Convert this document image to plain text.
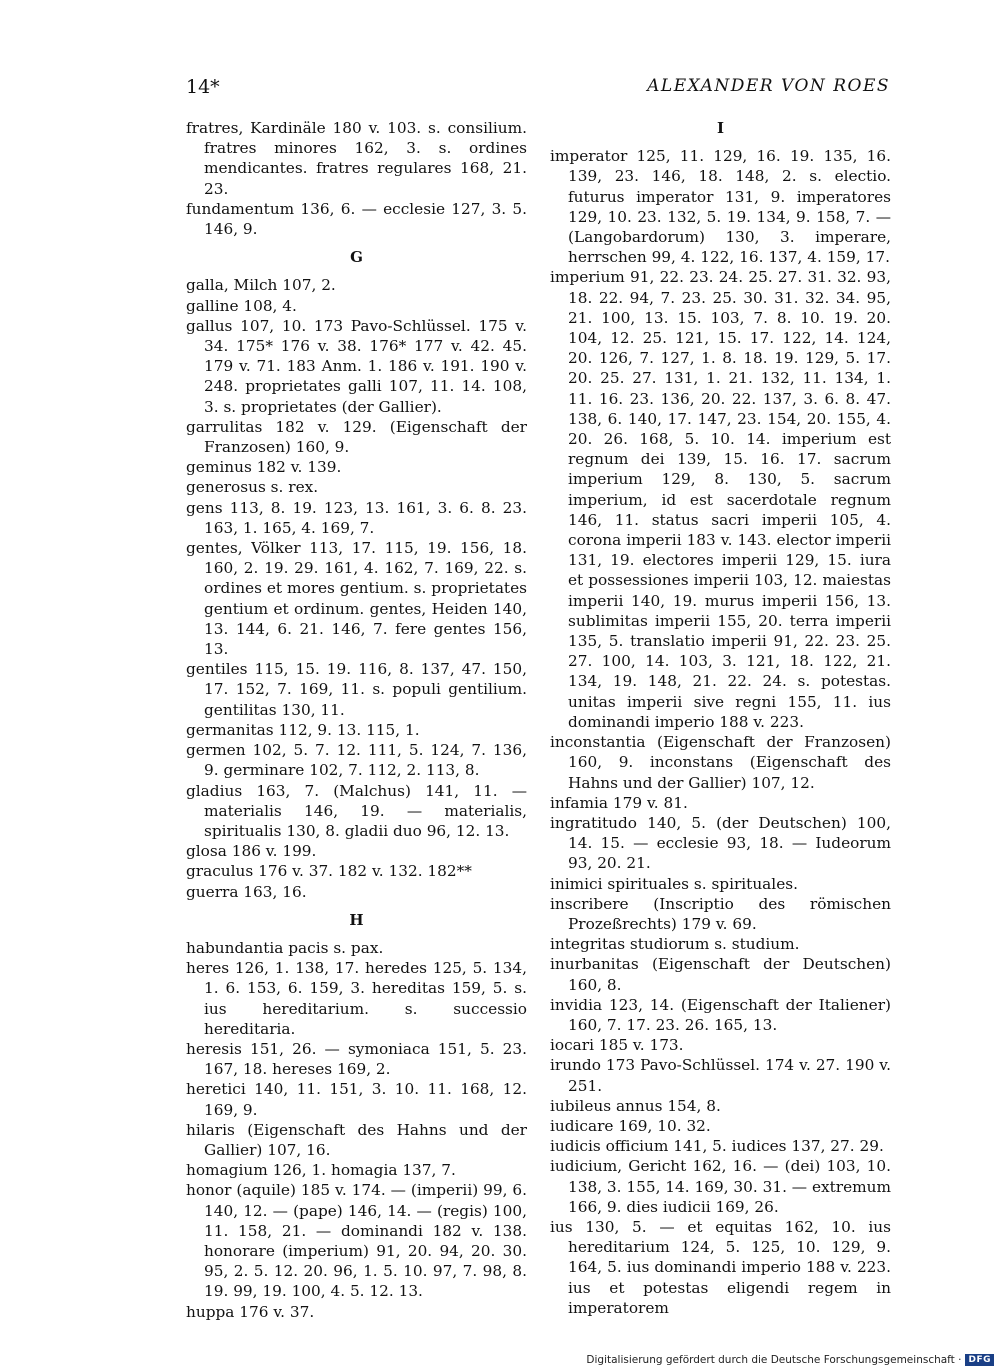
14*	ALEXANDER VON ROES

fratres, Kardinäle 180 v. 103. s. consilium. fratres minores 162, 3. s. ordines mendicantes. fratres regulares 168, 21. 23.

fundamentum 136, 6. — ecclesie 127, 3. 5. 146, 9.

G

galla, Milch 107, 2.

galline 108, 4.

gallus 107, 10. 173 Pavo-Schlüssel. 175 v. 34. 175* 176 v. 38. 176* 177 v. 42. 45. 179 v. 71. 183 Anm. 1. 186 v. 191. 190 v. 248. proprietates galli 107, 11. 14. 108, 3. s. proprietates (der Gallier).

garrulitas 182 v. 129. (Eigenschaft der Franzosen) 160, 9.

geminus 182 v. 139.

generosus s. rex.

gens 113, 8. 19. 123, 13. 161, 3. 6. 8. 23. 163, 1. 165, 4. 169, 7.

gentes, Völker 113, 17. 115, 19. 156, 18. 160, 2. 19. 29. 161, 4. 162, 7. 169, 22. s. ordines et mores gentium. s. proprietates gentium et ordinum. gentes, Heiden 140, 13. 144, 6. 21. 146, 7. fere gentes 156, 13.

gentiles 115, 15. 19. 116, 8. 137, 47. 150, 17. 152, 7. 169, 11. s. populi gentilium. gentilitas 130, 11.

germanitas 112, 9. 13. 115, 1.

germen 102, 5. 7. 12. 111, 5. 124, 7. 136, 9. germinare 102, 7. 112, 2. 113, 8.

gladius 163, 7. (Malchus) 141, 11. — materialis 146, 19. — materialis, spiritualis 130, 8. gladii duo 96, 12. 13.

glosa 186 v. 199.

graculus 176 v. 37. 182 v. 132. 182**

guerra 163, 16.

H

habundantia pacis s. pax.

heres 126, 1. 138, 17. heredes 125, 5. 134, 1. 6. 153, 6. 159, 3. hereditas 159, 5. s. ius hereditarium. s. successio hereditaria.

heresis 151, 26. — symoniaca 151, 5. 23. 167, 18. hereses 169, 2.

heretici 140, 11. 151, 3. 10. 11. 168, 12. 169, 9.

hilaris (Eigenschaft des Hahns und der Gallier) 107, 16.

homagium 126, 1. homagia 137, 7.

honor (aquile) 185 v. 174. — (imperii) 99, 6. 140, 12. — (pape) 146, 14. — (regis) 100, 11. 158, 21. — dominandi 182 v. 138. honorare (imperium) 91, 20. 94, 20. 30. 95, 2. 5. 12. 20. 96, 1. 5. 10. 97, 7. 98, 8. 19. 99, 19. 100, 4. 5. 12. 13.

huppa 176 v. 37.

I

imperator 125, 11. 129, 16. 19. 135, 16. 139, 23. 146, 18. 148, 2. s. electio. futurus imperator 131, 9. imperatores 129, 10. 23. 132, 5. 19. 134, 9. 158, 7. — (Langobardorum) 130, 3. imperare, herrschen 99, 4. 122, 16. 137, 4. 159, 17.

imperium 91, 22. 23. 24. 25. 27. 31. 32. 93, 18. 22. 94, 7. 23. 25. 30. 31. 32. 34. 95, 21. 100, 13. 15. 103, 7. 8. 10. 19. 20. 104, 12. 25. 121, 15. 17. 122, 14. 124, 20. 126, 7. 127, 1. 8. 18. 19. 129, 5. 17. 20. 25. 27. 131, 1. 21. 132, 11. 134, 1. 11. 16. 23. 136, 20. 22. 137, 3. 6. 8. 47. 138, 6. 140, 17. 147, 23. 154, 20. 155, 4. 20. 26. 168, 5. 10. 14. imperium est regnum dei 139, 15. 16. 17. sacrum imperium 129, 8. 130, 5. sacrum imperium, id est sacerdotale regnum 146, 11. status sacri imperii 105, 4. corona imperii 183 v. 143. elector imperii 131, 19. electores imperii 129, 15. iura et possessiones imperii 103, 12. maiestas imperii 140, 19. murus imperii 156, 13. sublimitas imperii 155, 20. terra imperii 135, 5. translatio imperii 91, 22. 23. 25. 27. 100, 14. 103, 3. 121, 18. 122, 21. 134, 19. 148, 21. 22. 24. s. potestas. unitas imperii sive regni 155, 11. ius dominandi imperio 188 v. 223.

inconstantia (Eigenschaft der Franzosen) 160, 9. inconstans (Eigenschaft des Hahns und der Gallier) 107, 12.

infamia 179 v. 81.

ingratitudo 140, 5. (der Deutschen) 100, 14. 15. — ecclesie 93, 18. — Iudeorum 93, 20. 21.

inimici spirituales s. spirituales.

inscribere (Inscriptio des römischen Prozeßrechts) 179 v. 69.

integritas studiorum s. studium.

inurbanitas (Eigenschaft der Deutschen) 160, 8.

invidia 123, 14. (Eigenschaft der Italiener) 160, 7. 17. 23. 26. 165, 13.

iocari 185 v. 173.

irundo 173 Pavo-Schlüssel. 174 v. 27. 190 v. 251.

iubileus annus 154, 8.

iudicare 169, 10. 32.

iudicis officium 141, 5. iudices 137, 27. 29.

iudicium, Gericht 162, 16. — (dei) 103, 10. 138, 3. 155, 14. 169, 30. 31. — extremum 166, 9. dies iudicii 169, 26.

ius 130, 5. — et equitas 162, 10. ius hereditarium 124, 5. 125, 10. 129, 9. 164, 5. ius dominandi imperio 188 v. 223. ius et potestas eligendi regem in imperatorem

Digitalisierung gefördert durch die Deutsche Forschungsgemeinschaft · DFG
